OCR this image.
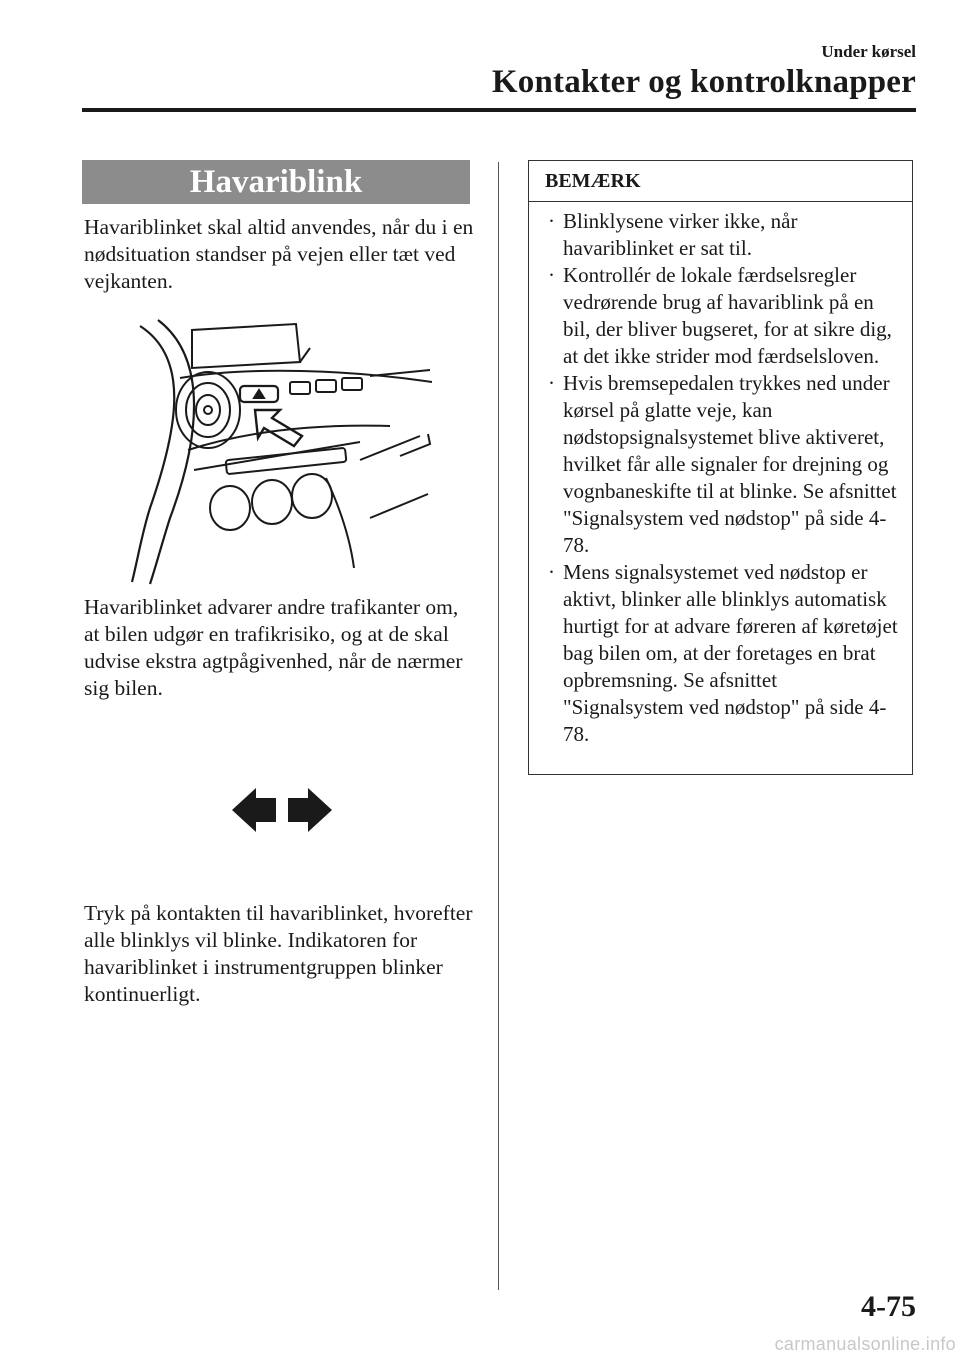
Under kørsel
Kontakter og kontrolknapper
Havariblink

Havariblinket skal altid anvendes, når du i en nødsituation standser på vejen eller tæt ved vejkanten.

Havariblinket advarer andre trafikanter om, at bilen udgør en trafikrisiko, og at de skal udvise ekstra agtpågivenhed, når de nærmer sig bilen.

Tryk på kontakten til havariblinket, hvorefter alle blinklys vil blinke. Indikatoren for havariblinket i instrumentgruppen blinker kontinuerligt.

BEMÆRK
· Blinklysene virker ikke, når havariblinket er sat til.
· Kontrollér de lokale færdselsregler vedrørende brug af havariblink på en bil, der bliver bugseret, for at sikre dig, at det ikke strider mod færdselsloven.
· Hvis bremsepedalen trykkes ned under kørsel på glatte veje, kan nødstopsignalsystemet blive aktiveret, hvilket får alle signaler for drejning og vognbaneskifte til at blinke. Se afsnittet "Signalsystem ved nødstop" på side 4-78.
· Mens signalsystemet ved nødstop er aktivt, blinker alle blinklys automatisk hurtigt for at advare føreren af køretøjet bag bilen om, at der foretages en brat opbremsning. Se afsnittet "Signalsystem ved nødstop" på side 4-78.
4-75
carmanualsonline.info
